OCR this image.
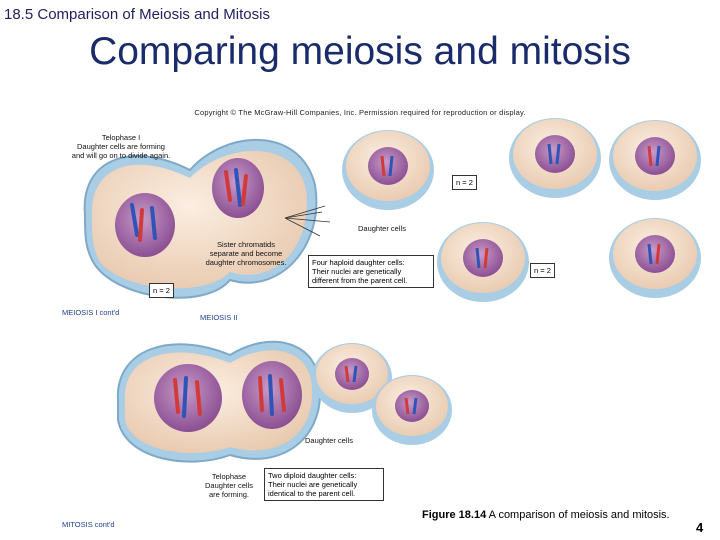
18.5 Comparison of Meiosis and Mitosis
Comparing meiosis and mitosis
Copyright © The McGraw-Hill Companies, Inc. Permission required for reproduction or display.
Telophase I
Daughter cells are forming
and will go on to divide again.
n = 2
Daughter cells
Sister chromatids
separate and become
daughter chromosomes.	Four haploid daughter cells:
Their nuclei are genetically
different from the parent cell.
n = 2
n = 2
MEIOSIS I cont'd
MEIOSIS II
Daughter cells
Telophase
Daughter cells
are forming.
Two diploid daughter cells:
Their nuclei are genetically
identical to the parent cell.
MITOSIS cont'd
Figure 18.14 A comparison of meiosis and mitosis.
4
